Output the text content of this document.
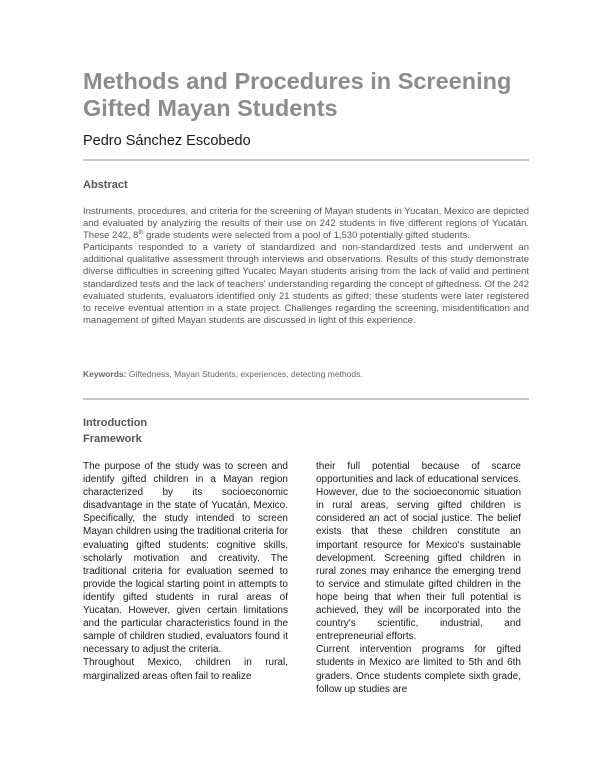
Methods and Procedures in Screening
Gifted Mayan Students
Pedro Sánchez Escobedo
Abstract

Instruments, procedures, and criteria for the screening of Mayan students in Yucatan, Mexico are depicted and evaluated by analyzing the results of their use on 242 students in five different regions of Yucatán. These 242, 8th grade students were selected from a pool of 1,530 potentially gifted students.

Participants responded to a variety of standardized and non-standardized tests and underwent an additional qualitative assessment through interviews and observations. Results of this study demonstrate diverse difficulties in screening gifted Yucatec Mayan students arising from the lack of valid and pertinent standardized tests and the lack of teachers' understanding regarding the concept of giftedness. Of the 242 evaluated students, evaluators identified only 21 students as gifted; these students were later registered to receive eventual attention in a state project. Challenges regarding the screening, misidentification and management of gifted Mayan students are discussed in light of this experience.

Keywords: Giftedness, Mayan Students, experiences, detecting methods.
Introduction
Framework

The purpose of the study was to screen and identify gifted children in a Mayan region characterized by its socioeconomic disadvantage in the state of Yucatán, Mexico. Specifically, the study intended to screen Mayan children using the traditional criteria for evaluating gifted students: cognitive skills, scholarly motivation and creativity. The traditional criteria for evaluation seemed to provide the logical starting point in attempts to identify gifted students in rural areas of Yucatan. However, given certain limitations and the particular characteristics found in the sample of children studied, evaluators found it necessary to adjust the criteria.

Throughout Mexico, children in rural, marginalized areas often fail to realize

their full potential because of scarce opportunities and lack of educational services. However, due to the socioeconomic situation in rural areas, serving gifted children is considered an act of social justice. The belief exists that these children constitute an important resource for Mexico's sustainable development. Screening gifted children in rural zones may enhance the emerging trend to service and stimulate gifted children in the hope being that when their full potential is achieved, they will be incorporated into the country's scientific, industrial, and entrepreneurial efforts.

Current intervention programs for gifted students in Mexico are limited to 5th and 6th graders. Once students complete sixth grade, follow up studies are
